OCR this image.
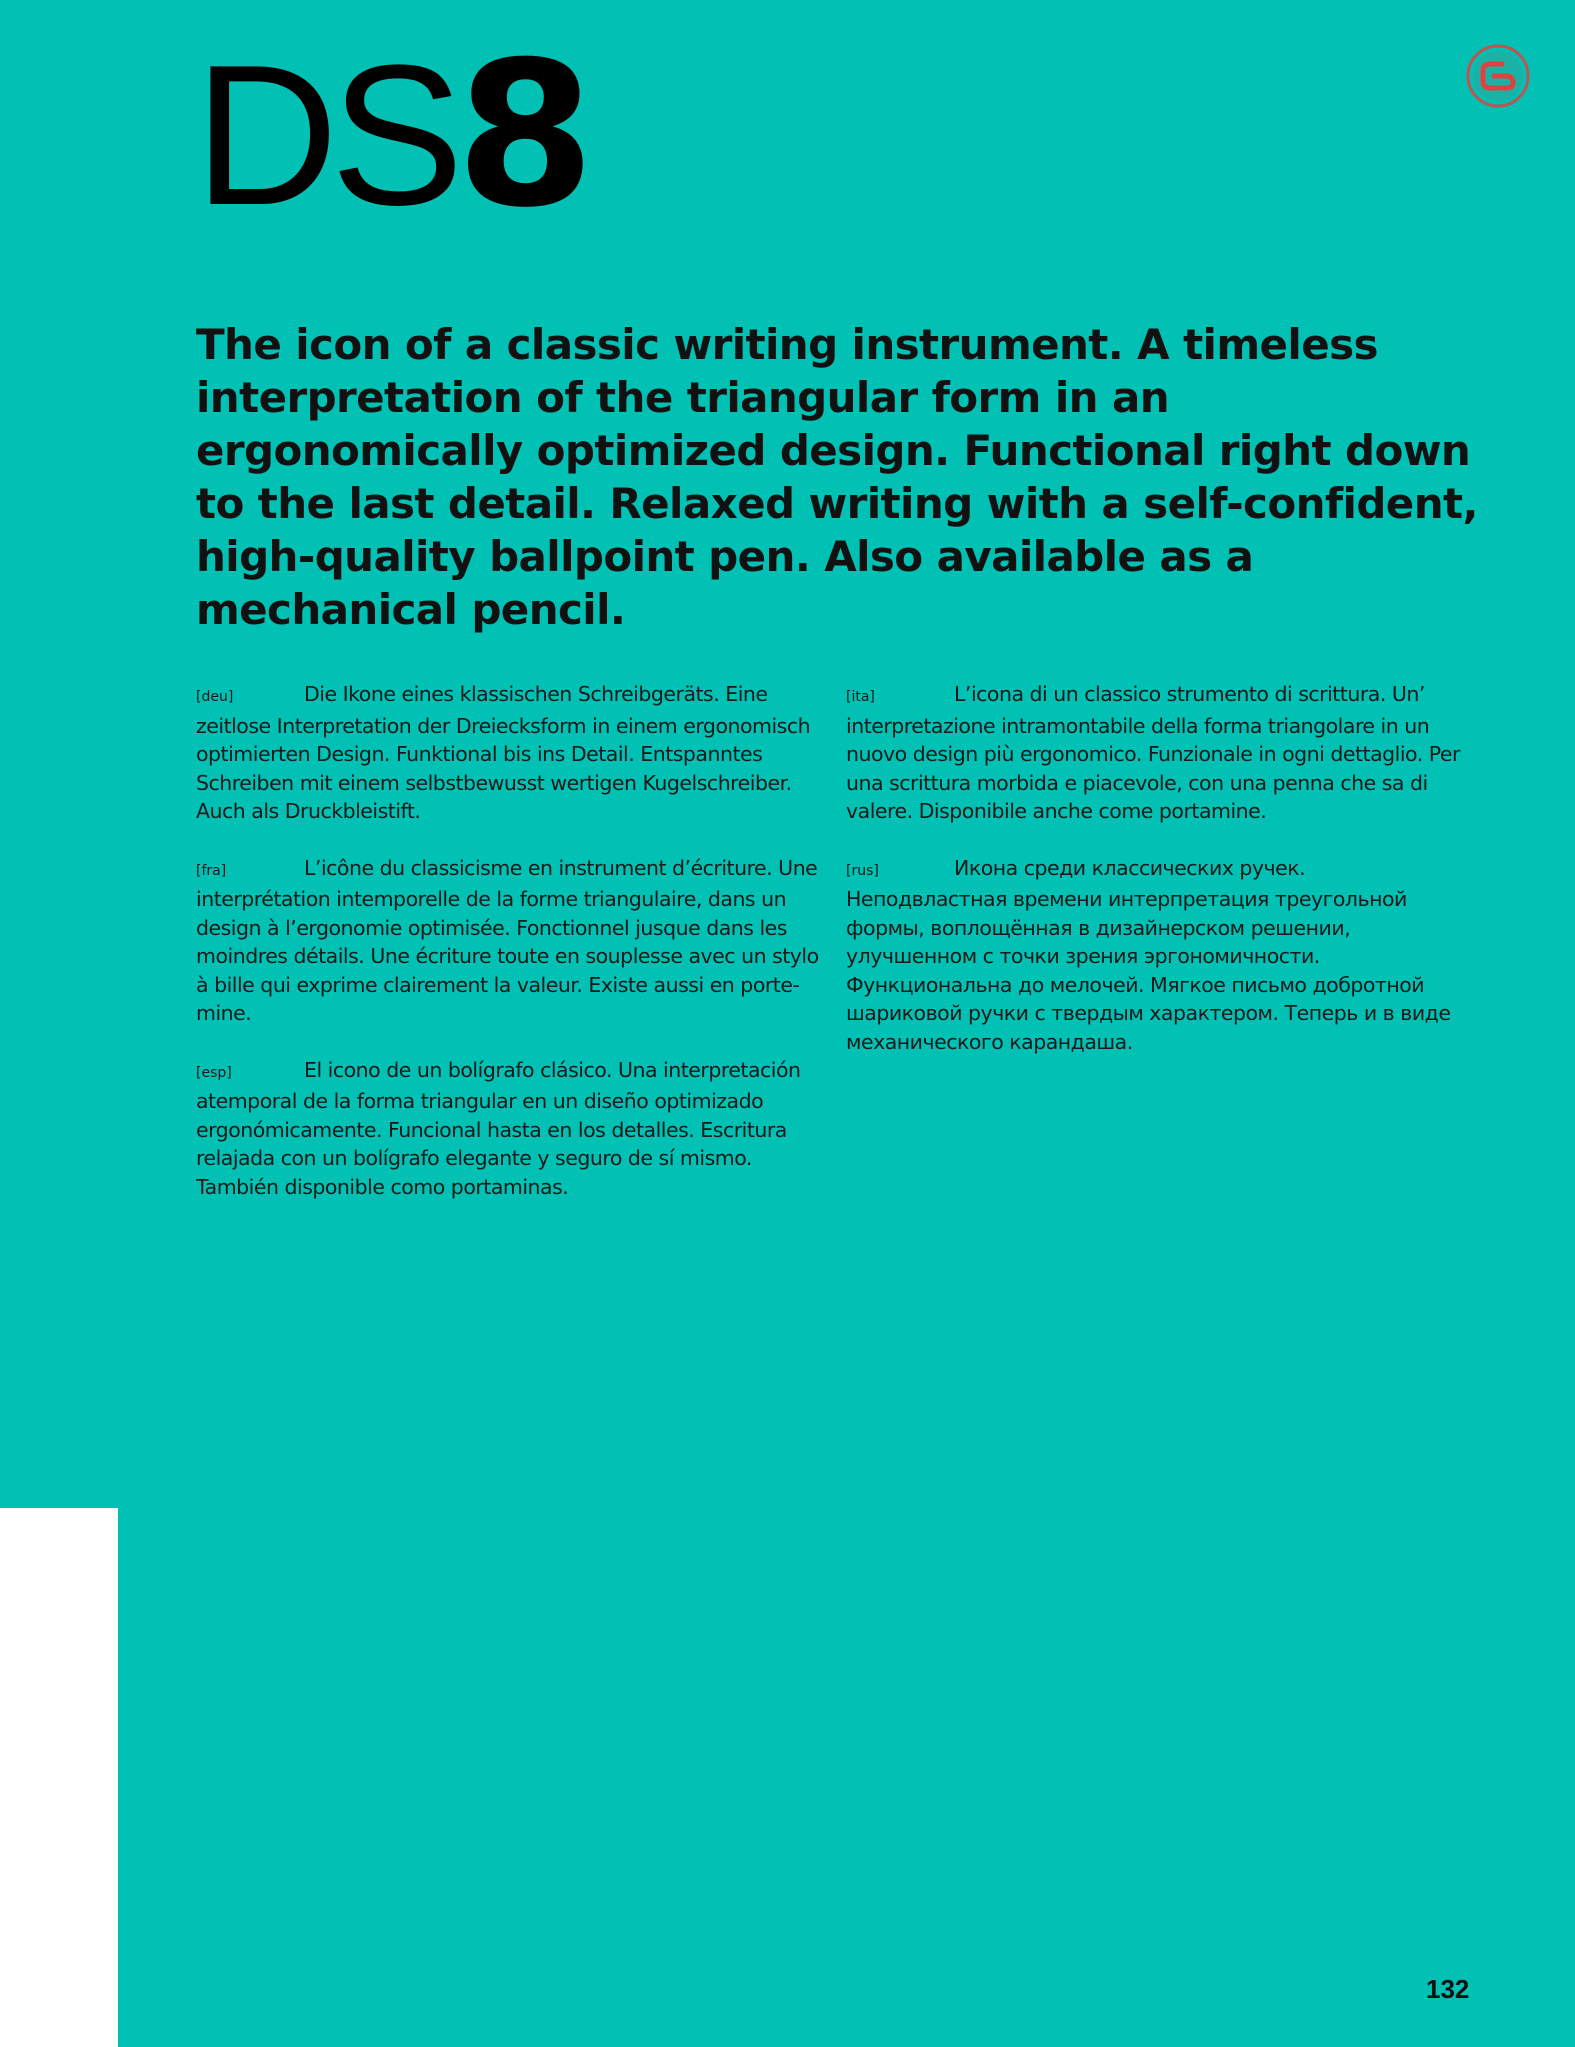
DS8

The icon of a classic writing instrument. A timeless interpretation of the triangular form in an ergonomically optimized design. Functional right down to the last detail. Relaxed writing with a self-confident, high-quality ballpoint pen. Also available as a mechanical pencil.

[deu]	Die Ikone eines klassischen Schreibgeräts. Eine zeitlose Interpretation der Dreiecksform in einem ergonomisch optimierten Design. Funktional bis ins Detail. Entspanntes Schreiben mit einem selbstbewusst wertigen Kugelschreiber. Auch als Druckbleistift.

[fra]	L’icône du classicisme en instrument d’écriture. Une interprétation intemporelle de la forme triangulaire, dans un design à l’ergonomie optimisée. Fonctionnel jusque dans les moindres détails. Une écriture toute en souplesse avec un stylo à bille qui exprime clairement la valeur. Existe aussi en porte-mine.

[esp]	El icono de un bolígrafo clásico. Una interpretación atemporal de la forma triangular en un diseño optimizado ergonómicamente. Funcional hasta en los detalles. Escritura relajada con un bolígrafo elegante y seguro de sí mismo. También disponible como portaminas.

[ita]	L’icona di un classico strumento di scrittura. Un’ interpretazione intramontabile della forma triangolare in un nuovo design più ergonomico. Funzionale in ogni dettaglio. Per una scrittura morbida e piacevole, con una penna che sa di valere. Disponibile anche come portamine.

[rus]	Икона среди классических ручек. Неподвластная времени интерпретация треугольной формы, воплощённая в дизайнерском решении, улучшенном с точки зрения эргономичности. Функциональна до мелочей. Мягкое письмо добротной шариковой ручки с твердым характером. Теперь и в виде механического карандаша.

132
